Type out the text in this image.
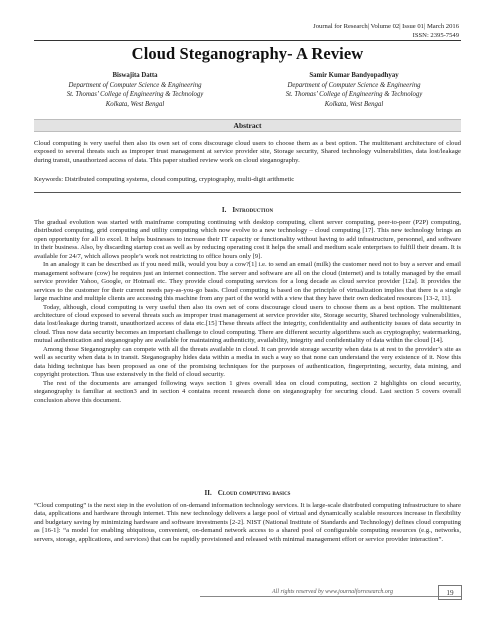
Journal for Research| Volume 02| Issue 01| March 2016
ISSN: 2395-7549
Cloud Steganography- A Review
Biswajita Datta
Department of Computer Science & Engineering
St. Thomas’ College of Engineering & Technology
Kolkata, West Bengal
Samir Kumar Bandyopadhyay
Department of Computer Science & Engineering
St. Thomas’ College of Engineering & Technology
Kolkata, West Bengal
Abstract
Cloud computing is very useful then also its own set of cons discourage cloud users to choose them as a best option. The multitenant architecture of cloud exposed to several threats such as improper trust management at service provider site, Storage security, Shared technology vulnerabilities, data lost/leakage during transit, unauthorized access of data. This paper studied review work on cloud steganography.
Keywords: Distributed computing systems, cloud computing, cryptography, multi-digit arithmetic
I. Introduction

The gradual evolution was started with mainframe computing continuing with desktop computing, client server computing, peer-to-peer (P2P) computing, distributed computing, grid computing and utility computing which now evolve to a new technology – cloud computing [17]. This new technology brings an open opportunity for all to excel. It helps businesses to increase their IT capacity or functionality without having to add infrastructure, personnel, and software in their business. Also, by discarding startup cost as well as by reducing operating cost it helps the small and medium scale enterprises to fulfill their dream. It is available for 24/7, which allows people’s work not restricting to office hours only [9].

In an analogy it can be described as if you need milk, would you buy a cow?[1] i.e. to send an email (milk) the customer need not to buy a server and email management software (cow) he requires just an internet connection. The server and software are all on the cloud (internet) and is totally managed by the email service provider Yahoo, Google, or Hotmail etc. They provide cloud computing services for a long decade as cloud service provider [12a]. It provides the services to the customer for their current needs pay-as-you-go basis. Cloud computing is based on the principle of virtualization implies that there is a single large machine and multiple clients are accessing this machine from any part of the world with a view that they have their own dedicated resources [13-2, 11].

Today, although, cloud computing is very useful then also its own set of cons discourage cloud users to choose them as a best option. The multitenant architecture of cloud exposed to several threats such as improper trust management at service provider site, Storage security, Shared technology vulnerabilities, data lost/leakage during transit, unauthorized access of data etc.[15] These threats affect the integrity, confidentiality and authenticity issues of data security in cloud. Thus now data security becomes an important challenge to cloud computing. There are different security algorithms such as cryptography; watermarking, mutual authentication and steganography are available for maintaining authenticity, availability, integrity and confidentiality of data within the cloud [14].

Among those Steganography can compete with all the threats available in cloud. It can provide storage security when data is at rest to the provider’s site as well as security when data is in transit. Steganography hides data within a media in such a way so that none can understand the very existence of it. Now this data hiding technique has been proposed as one of the promising techniques for the purposes of authentication, fingerprinting, security, data mining, and copyright protection. Thus use extensively in the field of cloud security.

The rest of the documents are arranged following ways section 1 gives overall idea on cloud computing, section 2 highlights on cloud security, steganography is familiar at section3 and in section 4 contains recent research done on steganography for securing cloud. Last section 5 covers overall conclusion above this document.

II. Cloud computing basics

“Cloud computing” is the next step in the evolution of on-demand information technology services. It is large-scale distributed computing infrastructure to share data, applications and hardware through internet. This new technology delivers a large pool of virtual and dynamically scalable resources increase in flexibility and budgetary saving by minimizing hardware and software investments [2-2]. NIST (National Institute of Standards and Technology) defines cloud computing as [16-1]: “a model for enabling ubiquitous, convenient, on-demand network access to a shared pool of configurable computing resources (e.g., networks, servers, storage, applications, and services) that can be rapidly provisioned and released with minimal management effort or service provider interaction”.

All rights reserved by www.journalforresearch.org	19
